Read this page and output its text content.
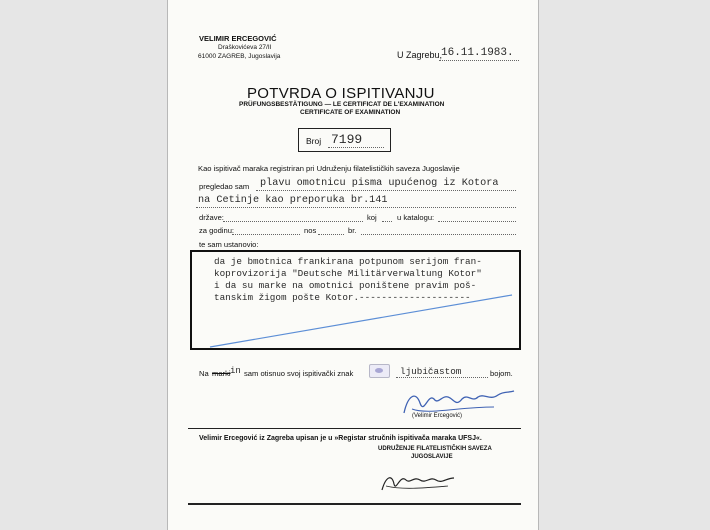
VELIMIR ERCEGOVIĆ
Draškovićeva 27/II
61000 ZAGREB, Jugoslavija	U Zagrebu,
16.11.1983.
POTVRDA O ISPITIVANJU
PRÜFUNGSBESTÄTIGUNG — LE CERTIFICAT DE L'EXAMINATION
CERTIFICATE OF EXAMINATION
Broj 7199
Kao ispitivač maraka registriran pri Udruženju filatelističkih saveza Jugoslavije
pregledao sam plavu omotnicu pisma upućenog iz Kotora
na Cetinje kao preporuka br.141
države:	koj	u katalogu:
za godinu:	nos	br.
te sam ustanovio:
da je bmotnica frankirana potpunom serijom fran-
koprovizorija "Deutsche Militärverwaltung Kotor"
i da su marke na omotnici poništene pravim poš-
tanskim žigom pošte Kotor.--------------------
Na marki in sam otisnuo svoj ispitivački znak	ljubičastom	bojom.
(Velimir Ercegović)
Velimir Ercegović iz Zagreba upisan je u »Registar stručnih ispitivača maraka UFSJ«.
UDRUŽENJE FILATELISTIČKIH SAVEZA
JUGOSLAVIJE
